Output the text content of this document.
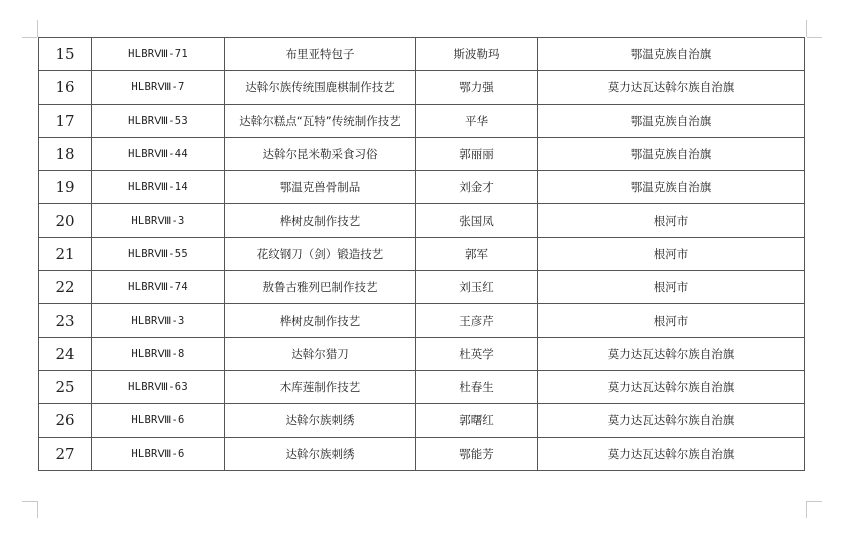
15	HLBRⅧ-71	布里亚特包子	斯波勒玛	鄂温克族自治旗
16	HLBRⅧ-7	达斡尔族传统围鹿棋制作技艺	鄂力强	莫力达瓦达斡尔族自治旗
17	HLBRⅧ-53	达斡尔糕点“瓦特”传统制作技艺	平华	鄂温克族自治旗
18	HLBRⅧ-44	达斡尔昆米勒采食习俗	郭丽丽	鄂温克族自治旗
19	HLBRⅧ-14	鄂温克兽骨制品	刘金才	鄂温克族自治旗
20	HLBRⅧ-3	桦树皮制作技艺	张国凤	根河市
21	HLBRⅧ-55	花纹钢刀（剑）锻造技艺	郭军	根河市
22	HLBRⅧ-74	敖鲁古雅列巴制作技艺	刘玉红	根河市
23	HLBRⅧ-3	桦树皮制作技艺	王彦芹	根河市
24	HLBRⅧ-8	达斡尔猎刀	杜英学	莫力达瓦达斡尔族自治旗
25	HLBRⅧ-63	木库莲制作技艺	杜春生	莫力达瓦达斡尔族自治旗
26	HLBRⅧ-6	达斡尔族刺绣	郭曙红	莫力达瓦达斡尔族自治旗
27	HLBRⅧ-6	达斡尔族刺绣	鄂能芳	莫力达瓦达斡尔族自治旗
